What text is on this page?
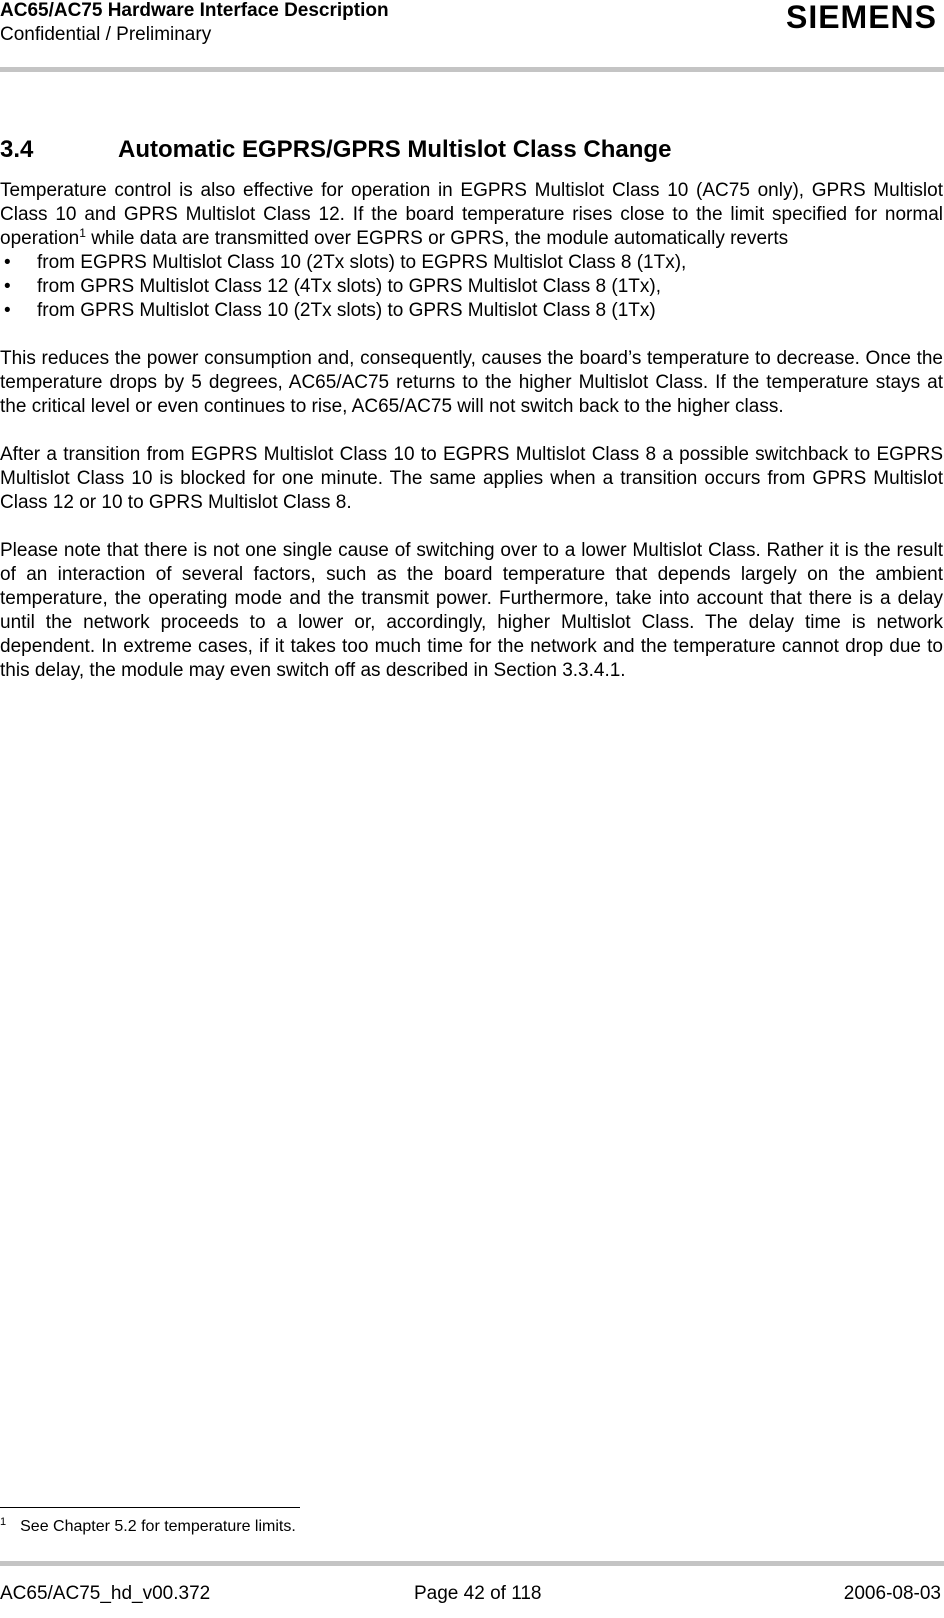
AC65/AC75 Hardware Interface Description
Confidential / Preliminary	SIEMENS
3.4	Automatic EGPRS/GPRS Multislot Class Change

Temperature control is also effective for operation in EGPRS Multislot Class 10 (AC75 only), GPRS Multislot Class 10 and GPRS Multislot Class 12. If the board temperature rises close to the limit specified for normal operation$^1$ while data are transmitted over EGPRS or GPRS, the module automatically reverts

•	from EGPRS Multislot Class 10 (2Tx slots) to EGPRS Multislot Class 8 (1Tx),
•	from GPRS Multislot Class 12 (4Tx slots) to GPRS Multislot Class 8 (1Tx),
•	from GPRS Multislot Class 10 (2Tx slots) to GPRS Multislot Class 8 (1Tx)

This reduces the power consumption and, consequently, causes the board’s temperature to decrease. Once the temperature drops by 5 degrees, AC65/AC75 returns to the higher Multislot Class. If the temperature stays at the critical level or even continues to rise, AC65/AC75 will not switch back to the higher class.

After a transition from EGPRS Multislot Class 10 to EGPRS Multislot Class 8 a possible switchback to EGPRS Multislot Class 10 is blocked for one minute. The same applies when a transition occurs from GPRS Multislot Class 12 or 10 to GPRS Multislot Class 8.

Please note that there is not one single cause of switching over to a lower Multislot Class. Rather it is the result of an interaction of several factors, such as the board temperature that depends largely on the ambient temperature, the operating mode and the transmit power. Furthermore, take into account that there is a delay until the network proceeds to a lower or, accordingly, higher Multislot Class. The delay time is network dependent. In extreme cases, if it takes too much time for the network and the temperature cannot drop due to this delay, the module may even switch off as described in Section 3.3.4.1.

$^1$ See Chapter 5.2 for temperature limits.
AC65/AC75_hd_v00.372	Page 42 of 118	2006-08-03
